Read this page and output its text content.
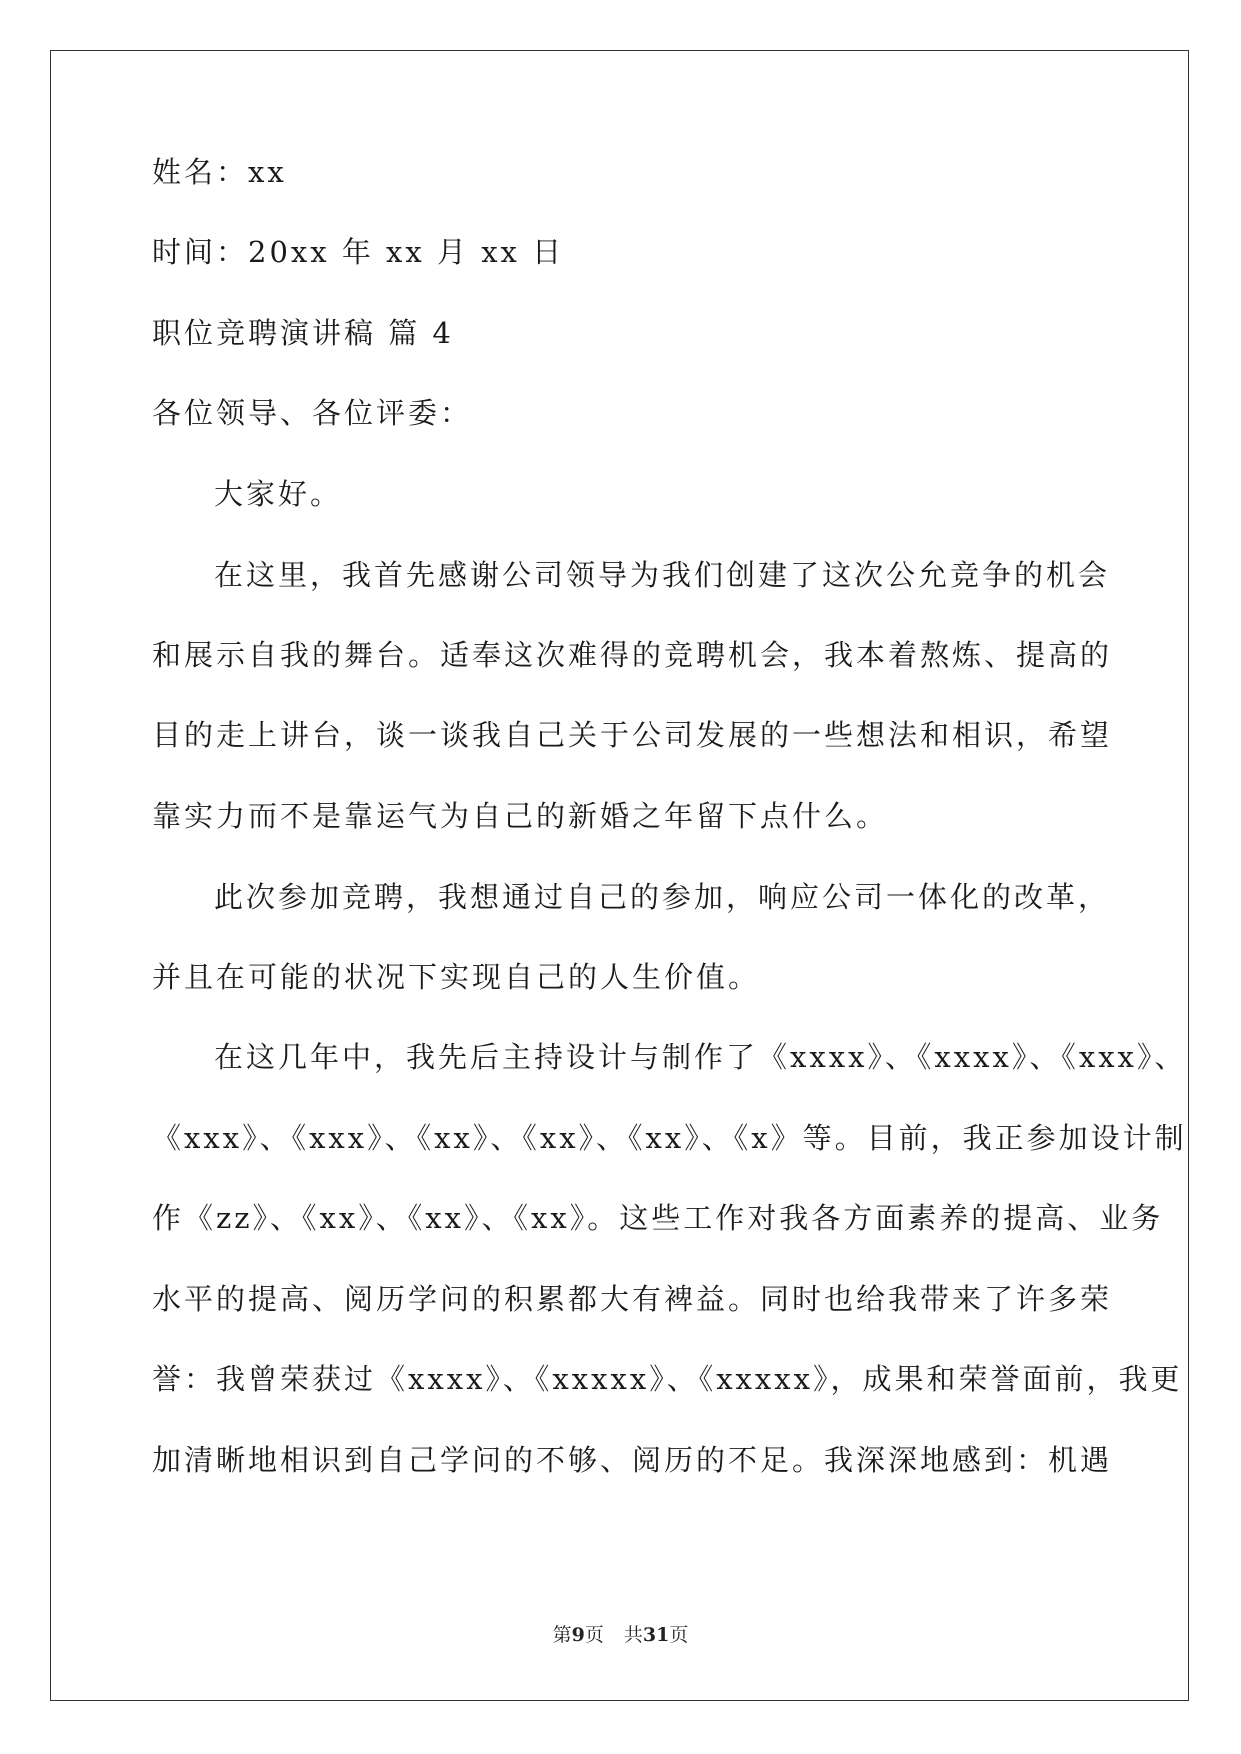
姓名：xx
时间：20xx 年 xx 月 xx 日
职位竞聘演讲稿 篇 4
各位领导、各位评委：
大家好。
在这里，我首先感谢公司领导为我们创建了这次公允竞争的机会
和展示自我的舞台。适奉这次难得的竞聘机会，我本着熬炼、提高的
目的走上讲台，谈一谈我自己关于公司发展的一些想法和相识，希望
靠实力而不是靠运气为自己的新婚之年留下点什么。
此次参加竞聘，我想通过自己的参加，响应公司一体化的改革，
并且在可能的状况下实现自己的人生价值。
在这几年中，我先后主持设计与制作了《xxxx》、《xxxx》、《xxx》、
《xxx》、《xxx》、《xx》、《xx》、《xx》、《x》等。目前，我正参加设计制
作《zz》、《xx》、《xx》、《xx》。这些工作对我各方面素养的提高、业务
水平的提高、阅历学问的积累都大有裨益。同时也给我带来了许多荣
誉：我曾荣获过《xxxx》、《xxxxx》、《xxxxx》，成果和荣誉面前，我更
加清晰地相识到自己学问的不够、阅历的不足。我深深地感到：机遇
第9页 共31页
